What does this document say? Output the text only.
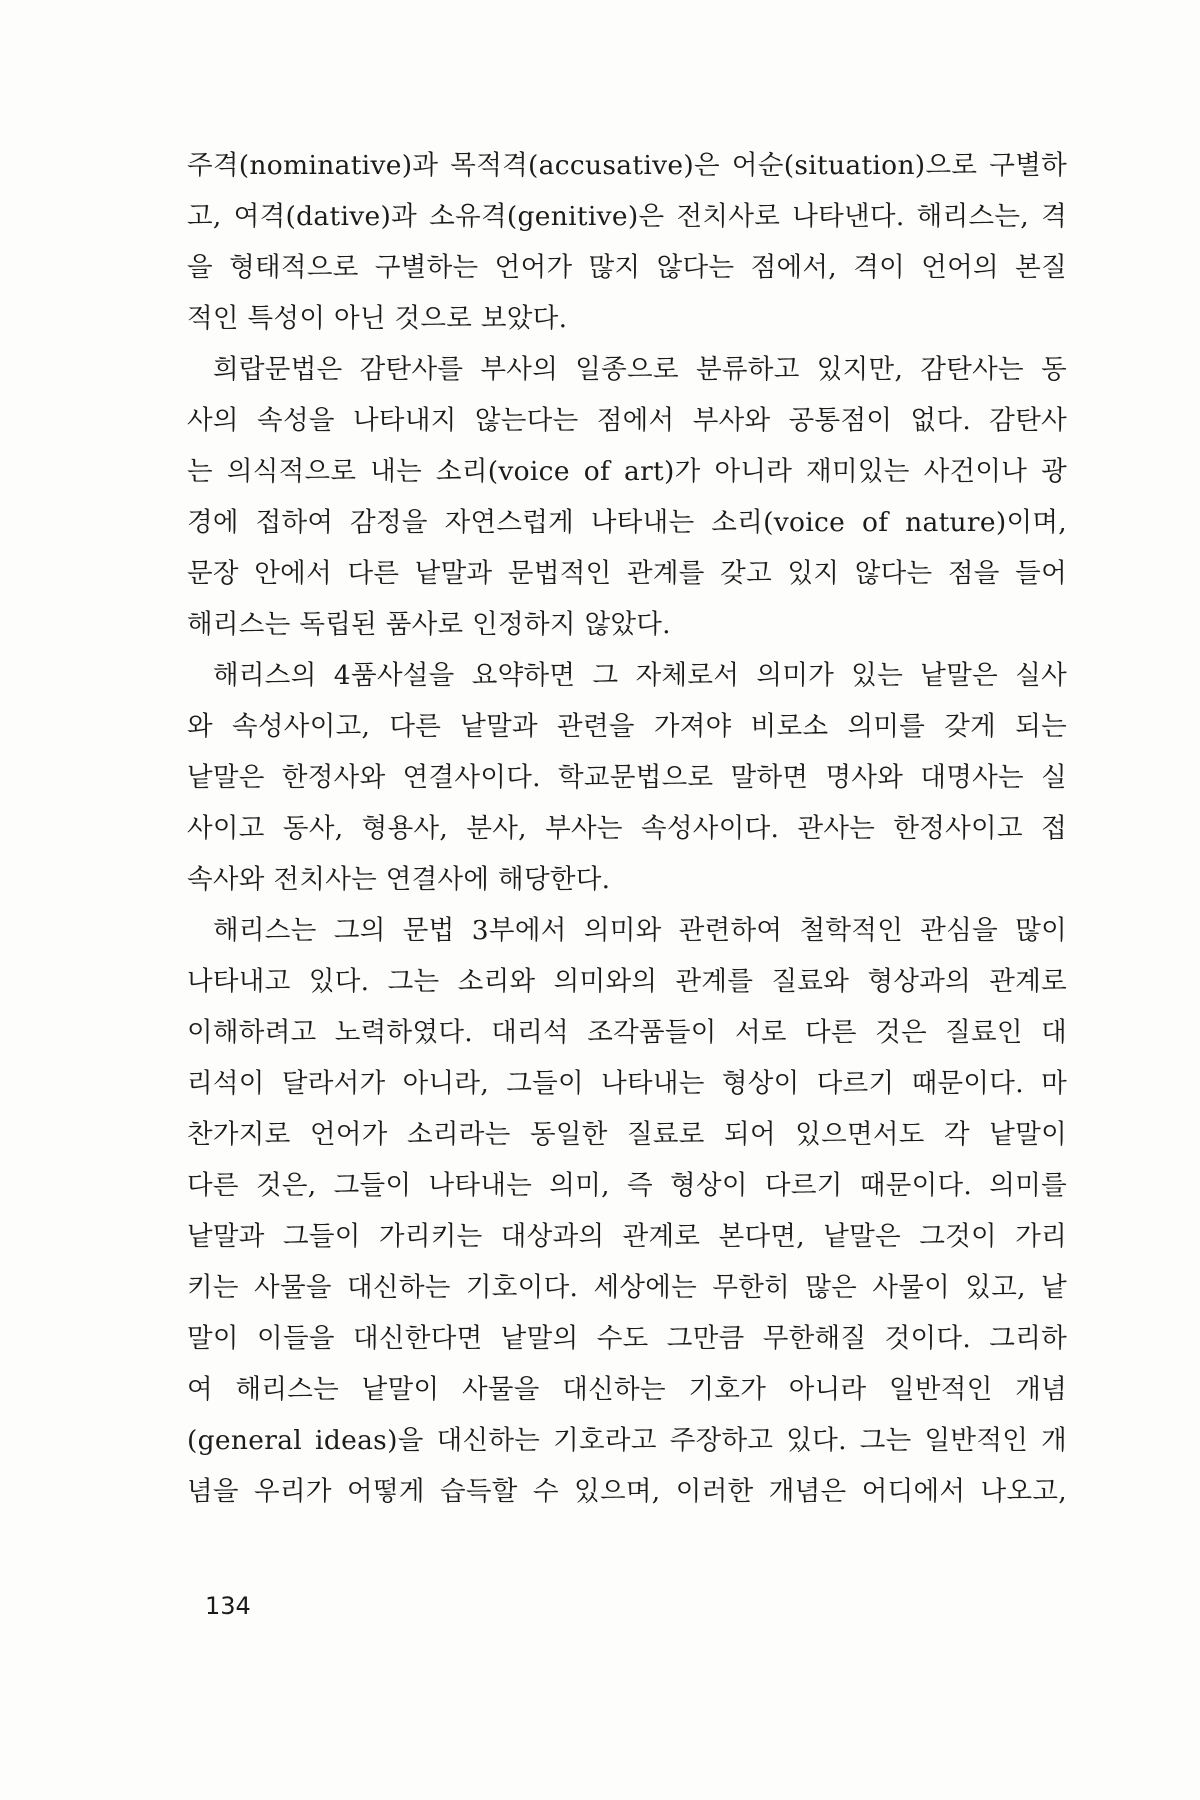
주격(nominative)과 목적격(accusative)은 어순(situation)으로 구별하
고, 여격(dative)과 소유격(genitive)은 전치사로 나타낸다. 해리스는, 격
을 형태적으로 구별하는 언어가 많지 않다는 점에서, 격이 언어의 본질
적인 특성이 아닌 것으로 보았다.
희랍문법은 감탄사를 부사의 일종으로 분류하고 있지만, 감탄사는 동
사의 속성을 나타내지 않는다는 점에서 부사와 공통점이 없다. 감탄사
는 의식적으로 내는 소리(voice of art)가 아니라 재미있는 사건이나 광
경에 접하여 감정을 자연스럽게 나타내는 소리(voice of nature)이며,
문장 안에서 다른 낱말과 문법적인 관계를 갖고 있지 않다는 점을 들어
해리스는 독립된 품사로 인정하지 않았다.
해리스의 4품사설을 요약하면 그 자체로서 의미가 있는 낱말은 실사
와 속성사이고, 다른 낱말과 관련을 가져야 비로소 의미를 갖게 되는
낱말은 한정사와 연결사이다. 학교문법으로 말하면 명사와 대명사는 실
사이고 동사, 형용사, 분사, 부사는 속성사이다. 관사는 한정사이고 접
속사와 전치사는 연결사에 해당한다.
해리스는 그의 문법 3부에서 의미와 관련하여 철학적인 관심을 많이
나타내고 있다. 그는 소리와 의미와의 관계를 질료와 형상과의 관계로
이해하려고 노력하였다. 대리석 조각품들이 서로 다른 것은 질료인 대
리석이 달라서가 아니라, 그들이 나타내는 형상이 다르기 때문이다. 마
찬가지로 언어가 소리라는 동일한 질료로 되어 있으면서도 각 낱말이
다른 것은, 그들이 나타내는 의미, 즉 형상이 다르기 때문이다. 의미를
낱말과 그들이 가리키는 대상과의 관계로 본다면, 낱말은 그것이 가리
키는 사물을 대신하는 기호이다. 세상에는 무한히 많은 사물이 있고, 낱
말이 이들을 대신한다면 낱말의 수도 그만큼 무한해질 것이다. 그리하
여 해리스는 낱말이 사물을 대신하는 기호가 아니라 일반적인 개념
(general ideas)을 대신하는 기호라고 주장하고 있다. 그는 일반적인 개
념을 우리가 어떻게 습득할 수 있으며, 이러한 개념은 어디에서 나오고,
134
